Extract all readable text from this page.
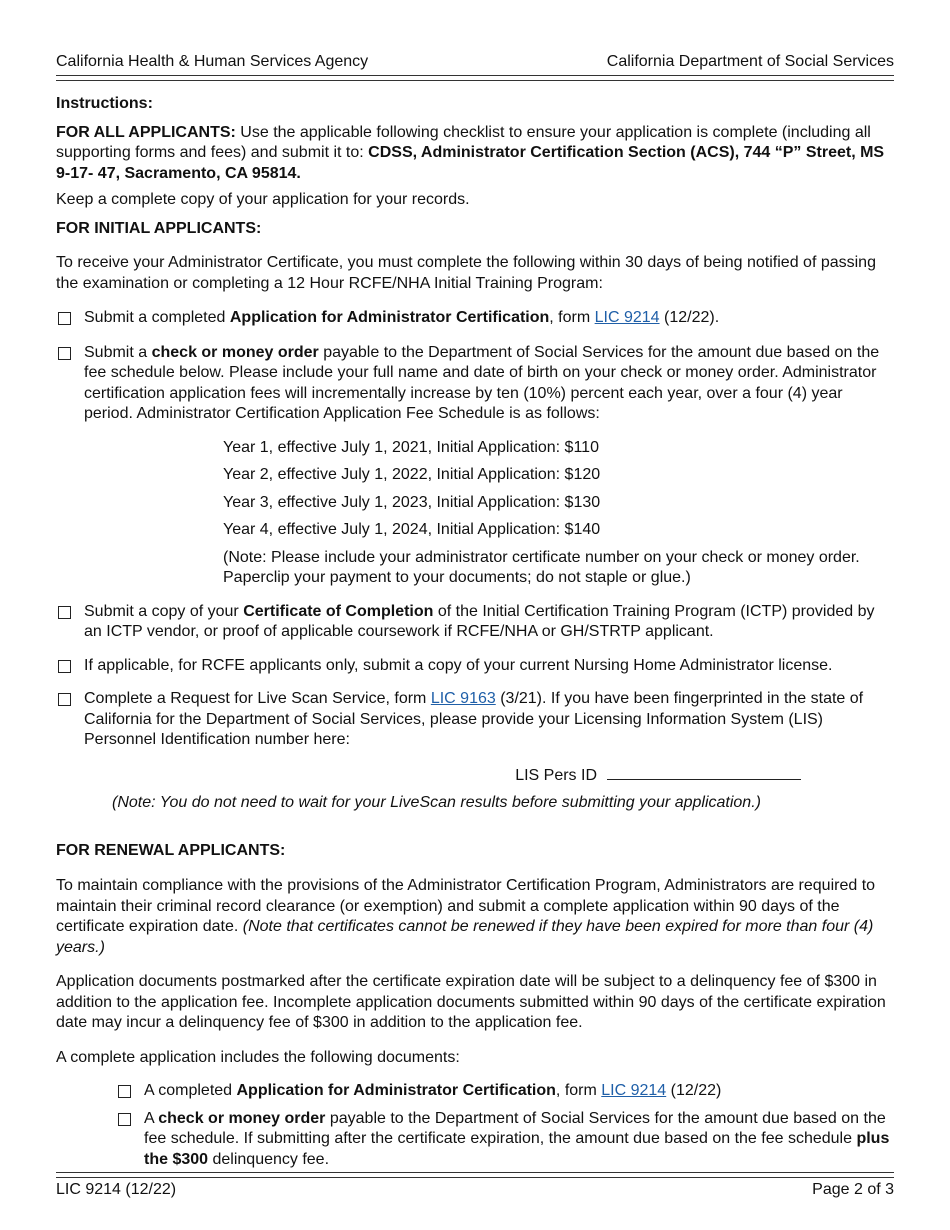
California Health & Human Services Agency	California Department of Social Services

Instructions:

FOR ALL APPLICANTS: Use the applicable following checklist to ensure your application is complete (including all supporting forms and fees) and submit it to: CDSS, Administrator Certification Section (ACS), 744 “P” Street, MS 9-17- 47, Sacramento, CA 95814.

Keep a complete copy of your application for your records.

FOR INITIAL APPLICANTS:

To receive your Administrator Certificate, you must complete the following within 30 days of being notified of passing the examination or completing a 12 Hour RCFE/NHA Initial Training Program:

Submit a completed Application for Administrator Certification, form LIC 9214 (12/22).
Submit a check or money order payable to the Department of Social Services for the amount due based on the fee schedule below. Please include your full name and date of birth on your check or money order. Administrator certification application fees will incrementally increase by ten (10%) percent each year, over a four (4) year period. Administrator Certification Application Fee Schedule is as follows:

Year 1, effective July 1, 2021, Initial Application: $110

Year 2, effective July 1, 2022, Initial Application: $120

Year 3, effective July 1, 2023, Initial Application: $130

Year 4, effective July 1, 2024, Initial Application: $140

(Note: Please include your administrator certificate number on your check or money order. Paperclip your payment to your documents; do not staple or glue.)

Submit a copy of your Certificate of Completion of the Initial Certification Training Program (ICTP) provided by an ICTP vendor, or proof of applicable coursework if RCFE/NHA or GH/STRTP applicant.
If applicable, for RCFE applicants only, submit a copy of your current Nursing Home Administrator license.
Complete a Request for Live Scan Service, form LIC 9163 (3/21). If you have been fingerprinted in the state of California for the Department of Social Services, please provide your Licensing Information System (LIS) Personnel Identification number here:

LIS Pers ID

(Note: You do not need to wait for your LiveScan results before submitting your application.)

FOR RENEWAL APPLICANTS:

To maintain compliance with the provisions of the Administrator Certification Program, Administrators are required to maintain their criminal record clearance (or exemption) and submit a complete application within 90 days of the certificate expiration date. (Note that certificates cannot be renewed if they have been expired for more than four (4) years.)

Application documents postmarked after the certificate expiration date will be subject to a delinquency fee of $300 in addition to the application fee. Incomplete application documents submitted within 90 days of the certificate expiration date may incur a delinquency fee of $300 in addition to the application fee.

A complete application includes the following documents:

A completed Application for Administrator Certification, form LIC 9214 (12/22)
A check or money order payable to the Department of Social Services for the amount due based on the fee schedule. If submitting after the certificate expiration, the amount due based on the fee schedule plus the $300 delinquency fee.
LIC 9214 (12/22)	Page 2 of 3
